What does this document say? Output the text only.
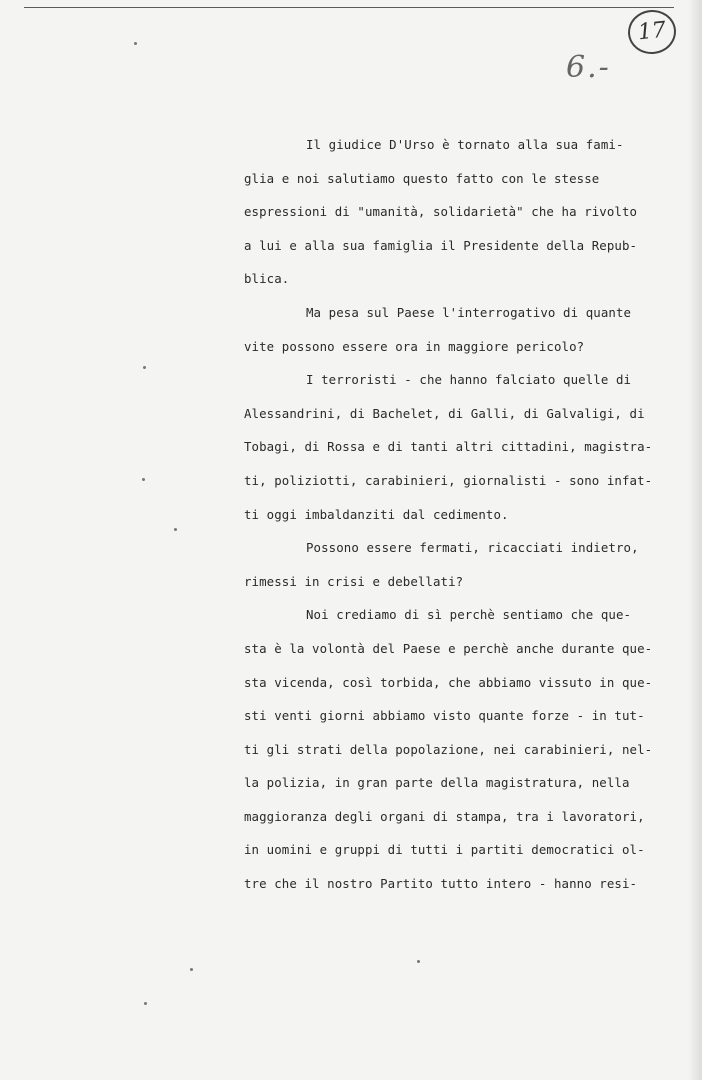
17
6.-
Il giudice D'Urso è tornato alla sua fami-
glia e noi salutiamo questo fatto con le stesse
espressioni di "umanità, solidarietà" che ha rivolto
a lui e alla sua famiglia il Presidente della Repub-
blica.
Ma pesa sul Paese l'interrogativo di quante
vite possono essere ora in maggiore pericolo?
I terroristi - che hanno falciato quelle di
Alessandrini, di Bachelet, di Galli, di Galvaligi, di
Tobagi, di Rossa e di tanti altri cittadini, magistra-
ti, poliziotti, carabinieri, giornalisti - sono infat-
ti oggi imbaldanziti dal cedimento.
Possono essere fermati, ricacciati indietro,
rimessi in crisi e debellati?
Noi crediamo di sì perchè sentiamo che que-
sta è la volontà del Paese e perchè anche durante que-
sta vicenda, così torbida, che abbiamo vissuto in que-
sti venti giorni abbiamo visto quante forze - in tut-
ti gli strati della popolazione, nei carabinieri, nel-
la polizia, in gran parte della magistratura, nella
maggioranza degli organi di stampa, tra i lavoratori,
in uomini e gruppi di tutti i partiti democratici ol-
tre che il nostro Partito tutto intero - hanno resi-
